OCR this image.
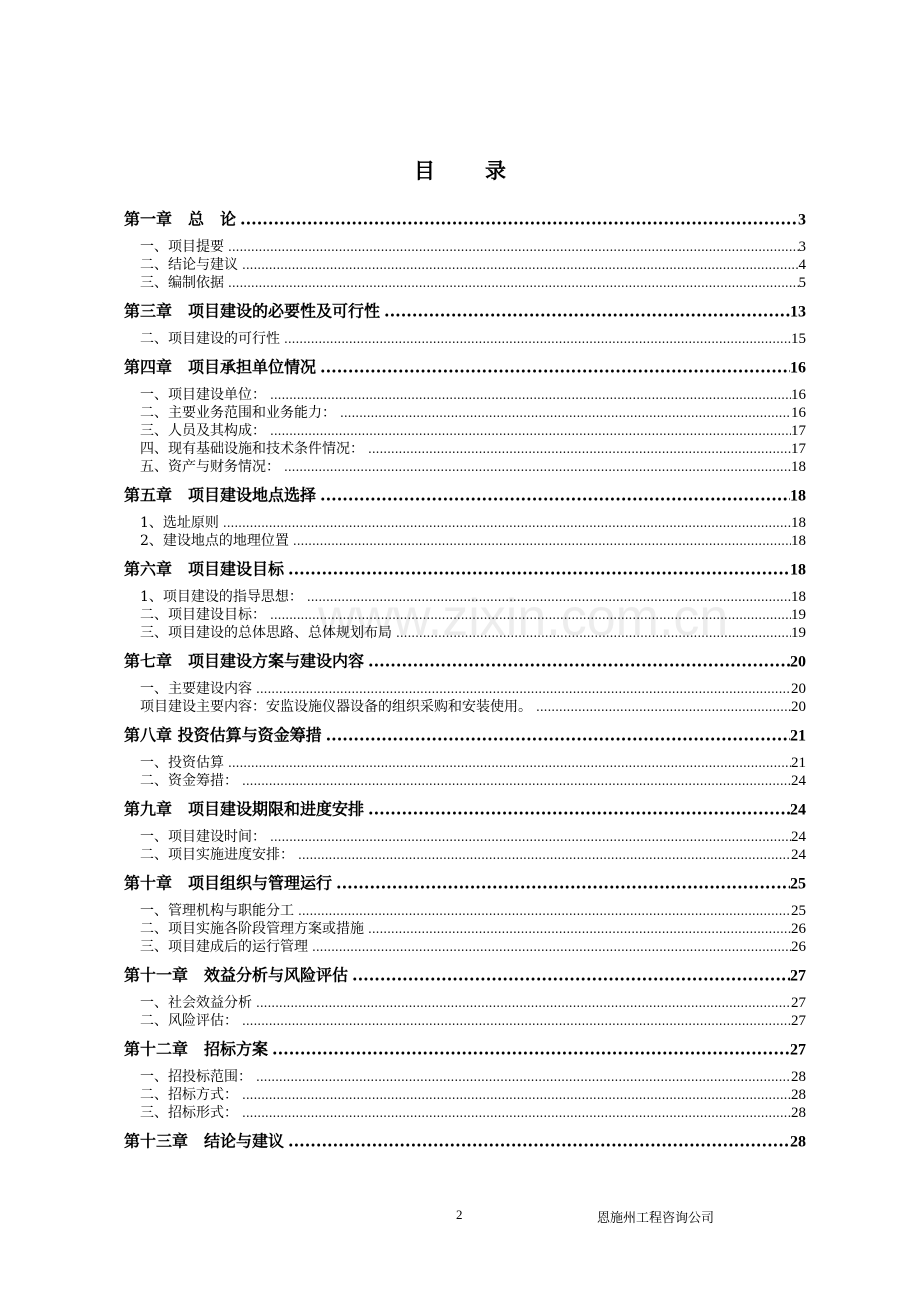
目录
第一章　总　论 .....	3
一、项目提要 .....	3
二、结论与建议 .....	4
三、编制依据 .....	5
第三章　项目建设的必要性及可行性 .....	13
二、项目建设的可行性 .....	15
第四章　项目承担单位情况 .....	16
一、项目建设单位： .....	16
二、主要业务范围和业务能力： .....	16
三、人员及其构成： .....	17
四、现有基础设施和技术条件情况： .....	17
五、资产与财务情况： .....	18
第五章　项目建设地点选择 .....	18
1、选址原则 .....	18
2、建设地点的地理位置 .....	18
第六章　项目建设目标 .....	18
1、项目建设的指导思想： .....	18
二、项目建设目标： .....	19
三、项目建设的总体思路、总体规划布局 .....	19
第七章　项目建设方案与建设内容 .....	20
一、主要建设内容 .....	20
项目建设主要内容：安监设施仪器设备的组织采购和安装使用。 .....	20
第八章 投资估算与资金筹措 .....	21
一、投资估算 .....	21
二、资金筹措： .....	24
第九章　项目建设期限和进度安排 .....	24
一、项目建设时间： .....	24
二、项目实施进度安排： .....	24
第十章　项目组织与管理运行 .....	25
一、管理机构与职能分工 .....	25
二、项目实施各阶段管理方案或措施 .....	26
三、项目建成后的运行管理 .....	26
第十一章　效益分析与风险评估 .....	27
一、社会效益分析 .....	27
二、风险评估： .....	27
第十二章　招标方案 .....	27
一、招投标范围： .....	28
二、招标方式： .....	28
三、招标形式： .....	28
第十三章　结论与建议 .....	28
www.zixin.com.cn
2	恩施州工程咨询公司
